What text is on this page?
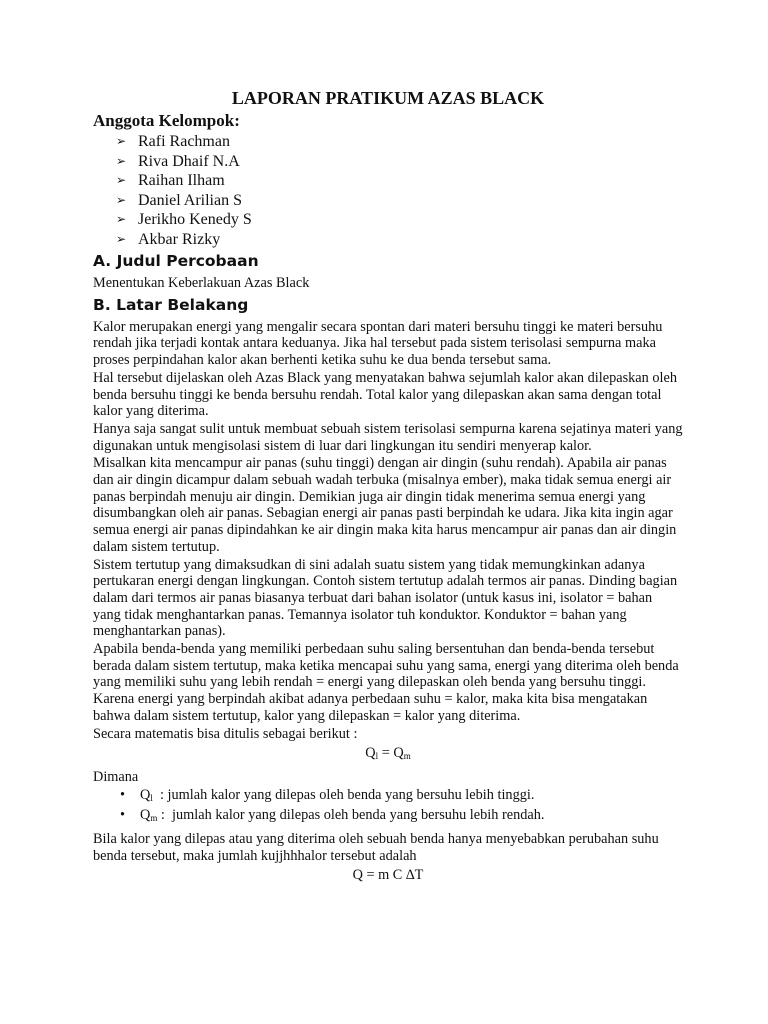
LAPORAN PRATIKUM AZAS BLACK
Anggota Kelompok:
➢ Rafi Rachman
➢ Riva Dhaif N.A
➢ Raihan Ilham
➢ Daniel Arilian S
➢ Jerikho Kenedy S
➢ Akbar Rizky
A. Judul Percobaan

Menentukan Keberlakuan Azas Black

B. Latar Belakang

Kalor merupakan energi yang mengalir secara spontan dari materi bersuhu tinggi ke materi bersuhu rendah jika terjadi kontak antara keduanya. Jika hal tersebut pada sistem terisolasi sempurna maka proses perpindahan kalor akan berhenti ketika suhu ke dua benda tersebut sama.

Hal tersebut dijelaskan oleh Azas Black yang menyatakan bahwa sejumlah kalor akan dilepaskan oleh benda bersuhu tinggi ke benda bersuhu rendah. Total kalor yang dilepaskan akan sama dengan total kalor yang diterima.

Hanya saja sangat sulit untuk membuat sebuah sistem terisolasi sempurna karena sejatinya materi yang digunakan untuk mengisolasi sistem di luar dari lingkungan itu sendiri menyerap kalor.

Misalkan kita mencampur air panas (suhu tinggi) dengan air dingin (suhu rendah). Apabila air panas dan air dingin dicampur dalam sebuah wadah terbuka (misalnya ember), maka tidak semua energi air panas berpindah menuju air dingin. Demikian juga air dingin tidak menerima semua energi yang disumbangkan oleh air panas. Sebagian energi air panas pasti berpindah ke udara. Jika kita ingin agar semua energi air panas dipindahkan ke air dingin maka kita harus mencampur air panas dan air dingin dalam sistem tertutup.

Sistem tertutup yang dimaksudkan di sini adalah suatu sistem yang tidak memungkinkan adanya pertukaran energi dengan lingkungan. Contoh sistem tertutup adalah termos air panas. Dinding bagian dalam dari termos air panas biasanya terbuat dari bahan isolator (untuk kasus ini, isolator = bahan yang tidak menghantarkan panas. Temannya isolator tuh konduktor. Konduktor = bahan yang menghantarkan panas).

Apabila benda-benda yang memiliki perbedaan suhu saling bersentuhan dan benda-benda tersebut berada dalam sistem tertutup, maka ketika mencapai suhu yang sama, energi yang diterima oleh benda yang memiliki suhu yang lebih rendah = energi yang dilepaskan oleh benda yang bersuhu tinggi. Karena energi yang berpindah akibat adanya perbedaan suhu = kalor, maka kita bisa mengatakan bahwa dalam sistem tertutup, kalor yang dilepaskan = kalor yang diterima.

Secara matematis bisa ditulis sebagai berikut :

$Q_l = Q_m$

Dimana

•	$Q_l$  : jumlah kalor yang dilepas oleh benda yang bersuhu lebih tinggi.
•	$Q_m$ :  jumlah kalor yang dilepas oleh benda yang bersuhu lebih rendah.

Bila kalor yang dilepas atau yang diterima oleh sebuah benda hanya menyebabkan perubahan suhu benda tersebut, maka jumlah kujjhhhalor tersebut adalah

Q = m C ∆T
